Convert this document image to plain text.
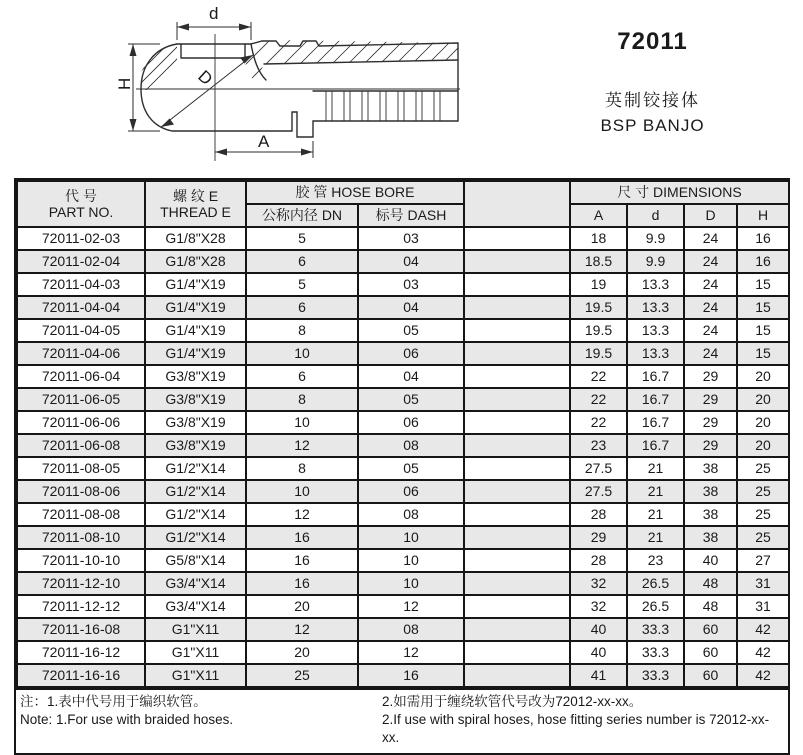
d
H	D
A
72011
英制铰接体
BSP BANJO
代 号
PART NO.	螺 纹 E
THREAD E	胶 管 HOSE BORE			尺 寸 DIMENSIONS			
		公称内径 DN	标号 DASH		A	d	D	H
72011-02-03	G1/8"X28	5	03		18	9.9	24	16
72011-02-04	G1/8"X28	6	04		18.5	9.9	24	16
72011-04-03	G1/4"X19	5	03		19	13.3	24	15
72011-04-04	G1/4"X19	6	04		19.5	13.3	24	15
72011-04-05	G1/4"X19	8	05		19.5	13.3	24	15
72011-04-06	G1/4"X19	10	06		19.5	13.3	24	15
72011-06-04	G3/8"X19	6	04		22	16.7	29	20
72011-06-05	G3/8"X19	8	05		22	16.7	29	20
72011-06-06	G3/8"X19	10	06		22	16.7	29	20
72011-06-08	G3/8"X19	12	08		23	16.7	29	20
72011-08-05	G1/2"X14	8	05		27.5	21	38	25
72011-08-06	G1/2"X14	10	06		27.5	21	38	25
72011-08-08	G1/2"X14	12	08		28	21	38	25
72011-08-10	G1/2"X14	16	10		29	21	38	25
72011-10-10	G5/8"X14	16	10		28	23	40	27
72011-12-10	G3/4"X14	16	10		32	26.5	48	31
72011-12-12	G3/4"X14	20	12		32	26.5	48	31
72011-16-08	G1"X11	12	08		40	33.3	60	42
72011-16-12	G1"X11	20	12		40	33.3	60	42
72011-16-16	G1"X11	25	16		41	33.3	60	42
注：1.表中代号用于编织软管。	2.如需用于缠绕软管代号改为72012-xx-xx。
Note: 1.For use with braided hoses.	2.If use with spiral hoses, hose fitting series number is 72012-xx-xx.
